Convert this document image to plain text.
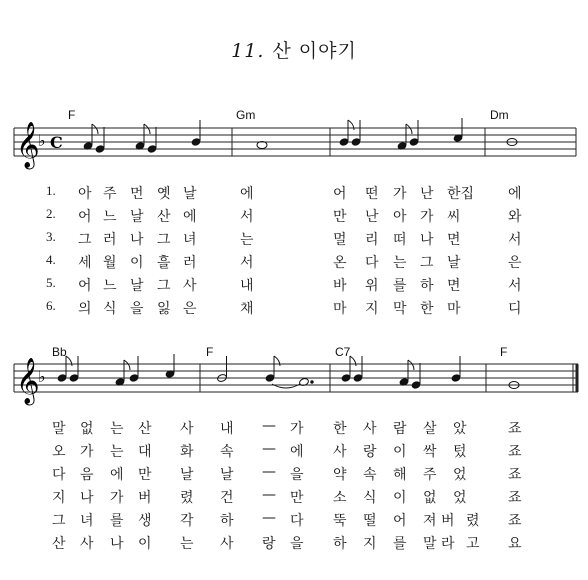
11. 산 이야기
F	Gm	Dm
𝄞
♭ C
1. 아 주 먼 옛 날	에	어 떤 가 난 한집 에
2. 어 느 날 산 에	서	만 난 아 가 씨	와
3. 그 러 나 그 녀	는	멀 리 떠 나 면	서
4. 세 월 이 흘 러	서	온 다 는 그 날	은
5. 어 느 날 그 사	내	바 위 를 하 면	서
6. 의 식 을 잃 은	채	마 지 막 한 마	디
Bb	F	C7	F
𝄞
♭
말 없 는 산 사 내 — 가 한 사 람 살 았	죠
오 가 는 대 화 속 — 에 사 랑 이 싹 텄	죠
다 음 에 만 날 날 — 을 약 속 해 주 었	죠
지 나 가 버 렸 건 — 만 소 식 이 없 었	죠
그 녀 를 생 각 하 — 다 뚝 떨 어 져 버 렸 죠
산 사 나 이 는 사 랑 을 하 지 를 말 라 고 요
